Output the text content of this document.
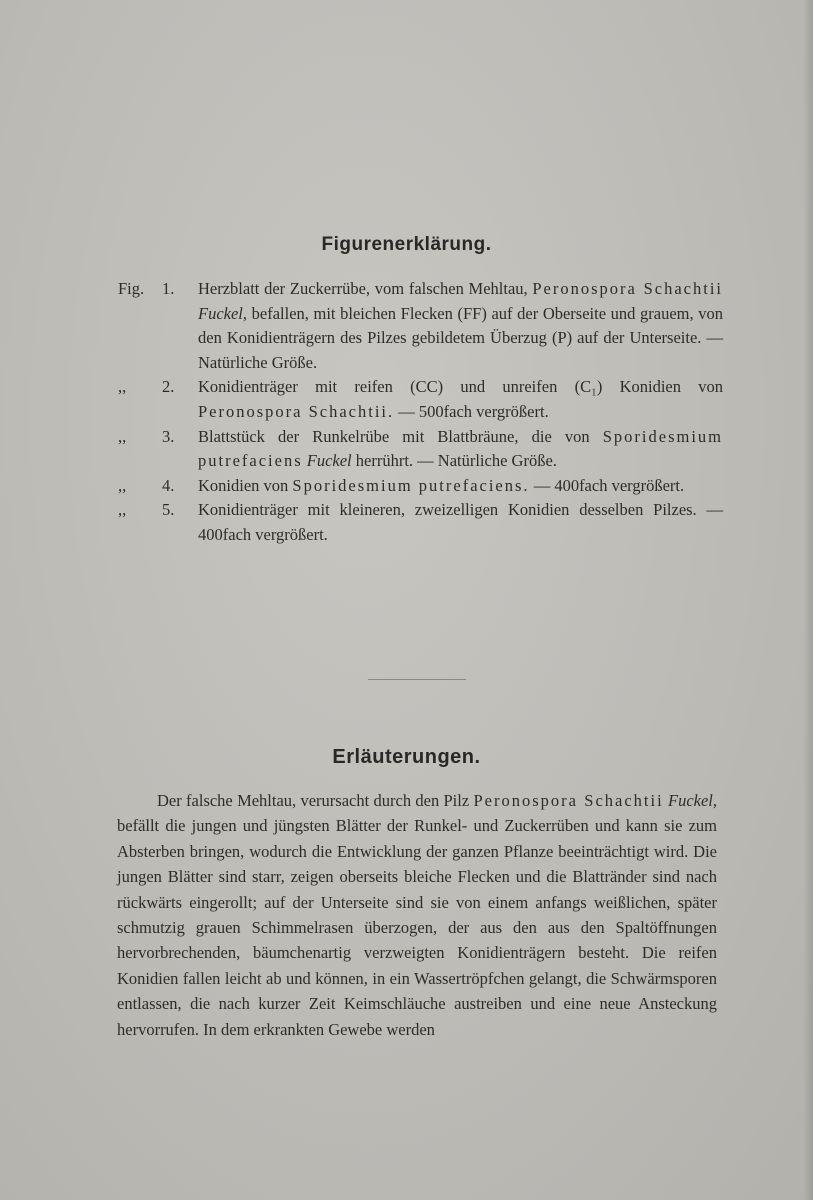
Figurenerklärung.
Fig.	1.	Herzblatt der Zuckerrübe, vom falschen Mehltau, Peronospora Schachtii Fuckel, befallen, mit bleichen Flecken (FF) auf der Oberseite und grauem, von den Konidienträgern des Pilzes gebildetem Überzug (P) auf der Unterseite. — Natürliche Größe.
,,	2.	Konidienträger mit reifen (CC) und unreifen (C₁) Konidien von Peronospora Schachtii. — 500fach vergrößert.
,,	3.	Blattstück der Runkelrübe mit Blattbräune, die von Sporidesmium putrefaciens Fuckel herrührt. — Natürliche Größe.
,,	4.	Konidien von Sporidesmium putrefaciens. — 400fach vergrößert.
,,	5.	Konidienträger mit kleineren, zweizelligen Konidien desselben Pilzes. — 400fach vergrößert.
Erläuterungen.
Der falsche Mehltau, verursacht durch den Pilz Peronospora Schachtii Fuckel, befällt die jungen und jüngsten Blätter der Runkel- und Zuckerrüben und kann sie zum Absterben bringen, wodurch die Entwicklung der ganzen Pflanze beeinträchtigt wird. Die jungen Blätter sind starr, zeigen oberseits bleiche Flecken und die Blattränder sind nach rückwärts eingerollt; auf der Unterseite sind sie von einem anfangs weißlichen, später schmutzig grauen Schimmelrasen überzogen, der aus den aus den Spaltöffnungen hervorbrechenden, bäumchenartig verzweigten Konidienträgern besteht. Die reifen Konidien fallen leicht ab und können, in ein Wassertröpfchen gelangt, die Schwärmsporen entlassen, die nach kurzer Zeit Keimschläuche austreiben und eine neue Ansteckung hervorrufen. In dem erkrankten Gewebe werden
